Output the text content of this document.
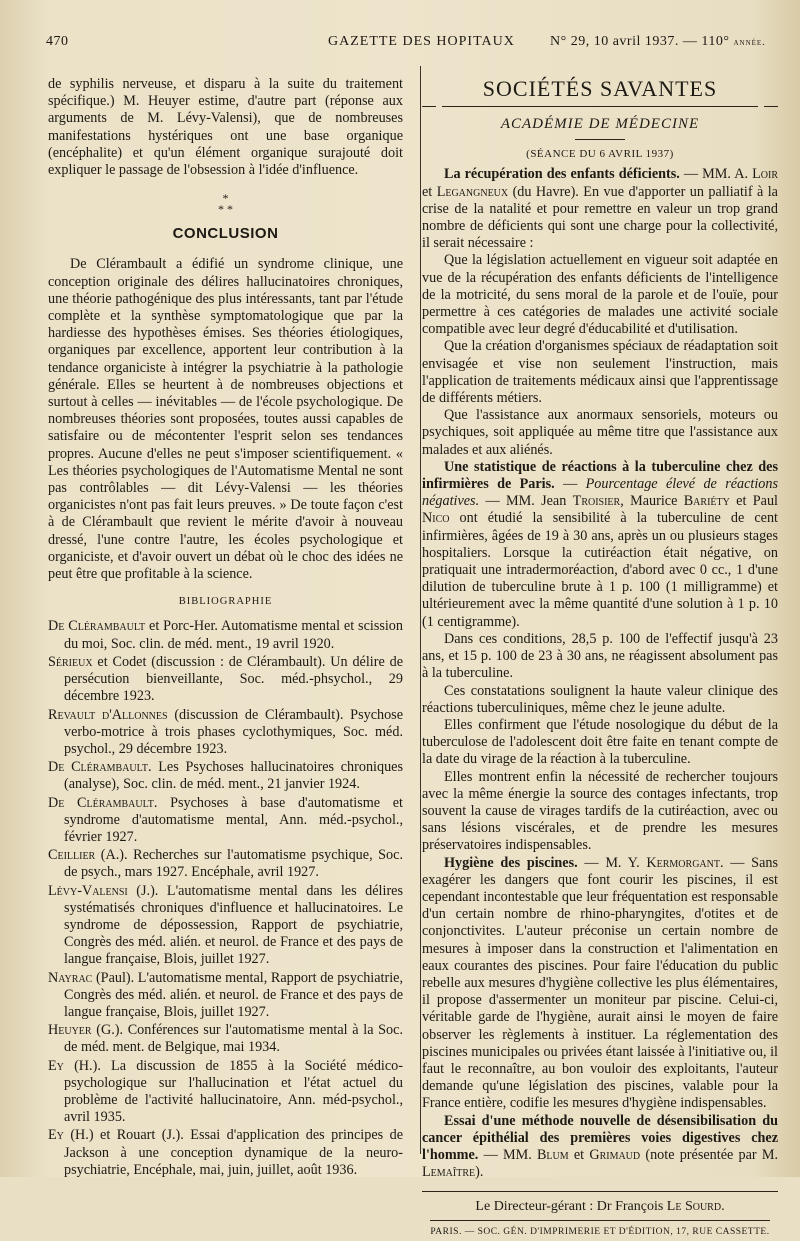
470	GAZETTE DES HOPITAUX	N° 29, 10 avril 1937. — 110° année.

de syphilis nerveuse, et disparu à la suite du traitement spécifique.) M. Heuyer estime, d'autre part (réponse aux arguments de M. Lévy-Valensi), que de nombreuses manifestations hystériques ont une base organique (encéphalite) et qu'un élément organique surajouté doit expliquer le passage de l'obsession à l'idée d'influence.

*
* *
CONCLUSION

De Clérambault a édifié un syndrome clinique, une conception originale des délires hallucinatoires chroniques, une théorie pathogénique des plus intéressants, tant par l'étude complète et la synthèse symptomatologique que par la hardiesse des hypothèses émises. Ses théories étiologiques, organiques par excellence, apportent leur contribution à la tendance organiciste à intégrer la psychiatrie à la pathologie générale. Elles se heurtent à de nombreuses objections et surtout à celles — inévitables — de l'école psychologique. De nombreuses théories sont proposées, toutes aussi capables de satisfaire ou de mécontenter l'esprit selon ses tendances propres. Aucune d'elles ne peut s'imposer scientifiquement. « Les théories psychologiques de l'Automatisme Mental ne sont pas contrôlables — dit Lévy-Valensi — les théories organicistes n'ont pas fait leurs preuves. » De toute façon c'est à de Clérambault que revient le mérite d'avoir à nouveau dressé, l'une contre l'autre, les écoles psychologique et organiciste, et d'avoir ouvert un débat où le choc des idées ne peut être que profitable à la science.

BIBLIOGRAPHIE

De Clérambault et Porc-Her. Automatisme mental et scission du moi, Soc. clin. de méd. ment., 19 avril 1920.

Sérieux et Codet (discussion : de Clérambault). Un délire de persécution bienveillante, Soc. méd.-phsychol., 29 décembre 1923.

Revault d'Allonnes (discussion de Clérambault). Psychose verbo-motrice à trois phases cyclothymiques, Soc. méd. psychol., 29 décembre 1923.

De Clérambault. Les Psychoses hallucinatoires chroniques (analyse), Soc. clin. de méd. ment., 21 janvier 1924.

De Clérambault. Psychoses à base d'automatisme et syndrome d'automatisme mental, Ann. méd.-psychol., février 1927.

Ceillier (A.). Recherches sur l'automatisme psychique, Soc. de psych., mars 1927. Encéphale, avril 1927.

Lévy-Valensi (J.). L'automatisme mental dans les délires systématisés chroniques d'influence et hallucinatoires. Le syndrome de dépossession, Rapport de psychiatrie, Congrès des méd. alién. et neurol. de France et des pays de langue française, Blois, juillet 1927.

Nayrac (Paul). L'automatisme mental, Rapport de psychiatrie, Congrès des méd. alién. et neurol. de France et des pays de langue française, Blois, juillet 1927.

Heuyer (G.). Conférences sur l'automatisme mental à la Soc. de méd. ment. de Belgique, mai 1934.

Ey (H.). La discussion de 1855 à la Société médico-psychologique sur l'hallucination et l'état actuel du problème de l'activité hallucinatoire, Ann. méd-psychol., avril 1935.

Ey (H.) et Rouart (J.). Essai d'application des principes de Jackson à une conception dynamique de la neuro-psychiatrie, Encéphale, mai, juin, juillet, août 1936.

SOCIÉTÉS SAVANTES
ACADÉMIE DE MÉDECINE
(SÉANCE DU 6 AVRIL 1937)

La récupération des enfants déficients. — MM. A. Loir et Legangneux (du Havre). En vue d'apporter un palliatif à la crise de la natalité et pour remettre en valeur un trop grand nombre de déficients qui sont une charge pour la collectivité, il serait nécessaire :

Que la législation actuellement en vigueur soit adaptée en vue de la récupération des enfants déficients de l'intelligence de la motricité, du sens moral de la parole et de l'ouïe, pour permettre à ces catégories de malades une activité sociale compatible avec leur degré d'éducabilité et d'utilisation.

Que la création d'organismes spéciaux de réadaptation soit envisagée et vise non seulement l'instruction, mais l'application de traitements médicaux ainsi que l'apprentissage de différents métiers.

Que l'assistance aux anormaux sensoriels, moteurs ou psychiques, soit appliquée au même titre que l'assistance aux malades et aux aliénés.

Une statistique de réactions à la tuberculine chez des infirmières de Paris. — Pourcentage élevé de réactions négatives. — MM. Jean Troisier, Maurice Bariéty et Paul Nico ont étudié la sensibilité à la tuberculine de cent infirmières, âgées de 19 à 30 ans, après un ou plusieurs stages hospitaliers. Lorsque la cutiréaction était négative, on pratiquait une intradermoréaction, d'abord avec 0 cc., 1 d'une dilution de tuberculine brute à 1 p. 100 (1 milligramme) et ultérieurement avec la même quantité d'une solution à 1 p. 10 (1 centigramme).

Dans ces conditions, 28,5 p. 100 de l'effectif jusqu'à 23 ans, et 15 p. 100 de 23 à 30 ans, ne réagissent absolument pas à la tuberculine.

Ces constatations soulignent la haute valeur clinique des réactions tuberculiniques, même chez le jeune adulte.

Elles confirment que l'étude nosologique du début de la tuberculose de l'adolescent doit être faite en tenant compte de la date du virage de la réaction à la tuberculine.

Elles montrent enfin la nécessité de rechercher toujours avec la même énergie la source des contages infectants, trop souvent la cause de virages tardifs de la cutiréaction, avec ou sans lésions viscérales, et de prendre les mesures préservatoires indispensables.

Hygiène des piscines. — M. Y. Kermorgant. — Sans exagérer les dangers que font courir les piscines, il est cependant incontestable que leur fréquentation est responsable d'un certain nombre de rhino-pharyngites, d'otites et de conjonctivites. L'auteur préconise un certain nombre de mesures à imposer dans la construction et l'alimentation en eaux courantes des piscines. Pour faire l'éducation du public rebelle aux mesures d'hygiène collective les plus élémentaires, il propose d'assermenter un moniteur par piscine. Celui-ci, véritable garde de l'hygiène, aurait ainsi le moyen de faire observer les règlements à instituer. La réglementation des piscines municipales ou privées étant laissée à l'initiative ou, il faut le reconnaître, au bon vouloir des exploitants, l'auteur demande qu'une législation des piscines, valable pour la France entière, codifie les mesures d'hygiène indispensables.

Essai d'une méthode nouvelle de désensibilisation du cancer épithélial des premières voies digestives chez l'homme. — MM. Blum et Grimaud (note présentée par M. Lemaître).

Le Directeur-gérant : Dr François Le Sourd.
PARIS. — SOC. GÉN. D'IMPRIMERIE ET D'ÉDITION, 17, RUE CASSETTE.
